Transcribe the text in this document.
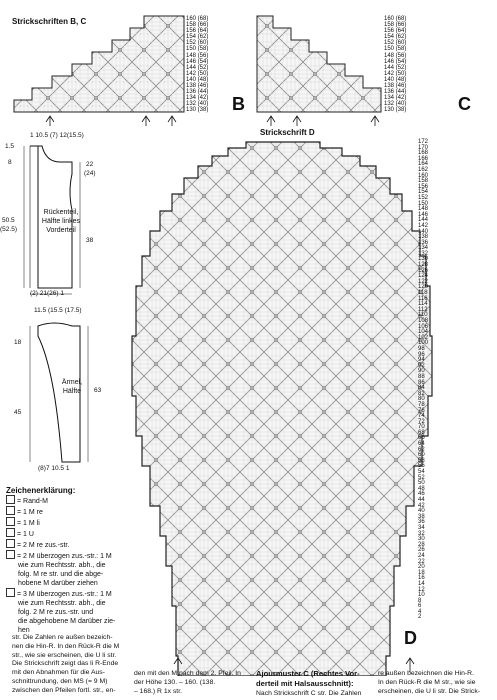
Strickschriften B, C	160 (68)
158 (66)
156 (64)
154 (62)
152 (60)
150 (58)
148 (56)
146 (54)
144 (52)
142 (50)
140 (48)
138 (46)
136 (44)
134 (42)
132 (40)
130 (38) B
160 (68)
158 (66)
156 (64)
154 (62)
152 (60)
150 (58)
148 (56)
146 (54)
144 (52)
142 (50)
140 (48)
138 (46)
136 (44)
134 (42)
132 (40)
130 (38)	C
Strickschrift D
172
170
168
166
164
162
160
158
156
154
152
150
148
146
144
142
140
138
136
134
132
130
128
126
124
122
120
118
116
114
112
110
108
106
104
102
100
98
96
94
92
90
88
86
84
82
80
78
76
74
72
70
68
66
64
62
60
58
56
54
52
50
48
46
44
42
40
38
36
34
32
30
28
26
24
22
20
18
16
14
12
10
8
6
4
2
D
1 10.5 (7) 12(15.5)
1.5
8	22
(24)
50.5
(52.5)
38
Rückenteil, Hälfte linkes Vorderteil
(2) 21(26) 1
11.5 (15.5 (17.5)
18
45
63
Ärmel, Hälfte
(8)7 10.5 1
Zeichenerklärung:
= Rand-M
= 1 M re
= 1 M li
= 1 U
= 2 M re zus.-str.
= 2 M überzogen zus.-str.: 1 M
wie zum Rechtsstr. abh., die
folg. M re str. und die abge-
hobene M darüber ziehen
= 3 M überzogen zus.-str.: 1 M
wie zum Rechtsstr. abh., die
folg. 2 M re zus.-str. und
die abgehobene M darüber zie-
hen
str. Die Zahlen re außen bezeich-
nen die Hin-R. In den Rück-R die M
str., wie sie erscheinen, die U li str.
Die Strickschrift zeigt das li R-Ende
mit den Abnahmen für die Aus-
schnittrundung, den MS (= 9 M)
zwischen den Pfeilen fortl. str., en-
den mit den M nach dem 2. Pfeil. In
der Höhe 130. – 160. (138.
– 168.) R 1x str.
Ajourmuster C (Rechtes Vor-
derteil mit Halsausschnitt):
Nach Strickschrift C str. Die Zahlen
re außen bezeichnen die Hin-R.
In den Rück-R die M str., wie sie
erscheinen, die U li str. Die Strick-
